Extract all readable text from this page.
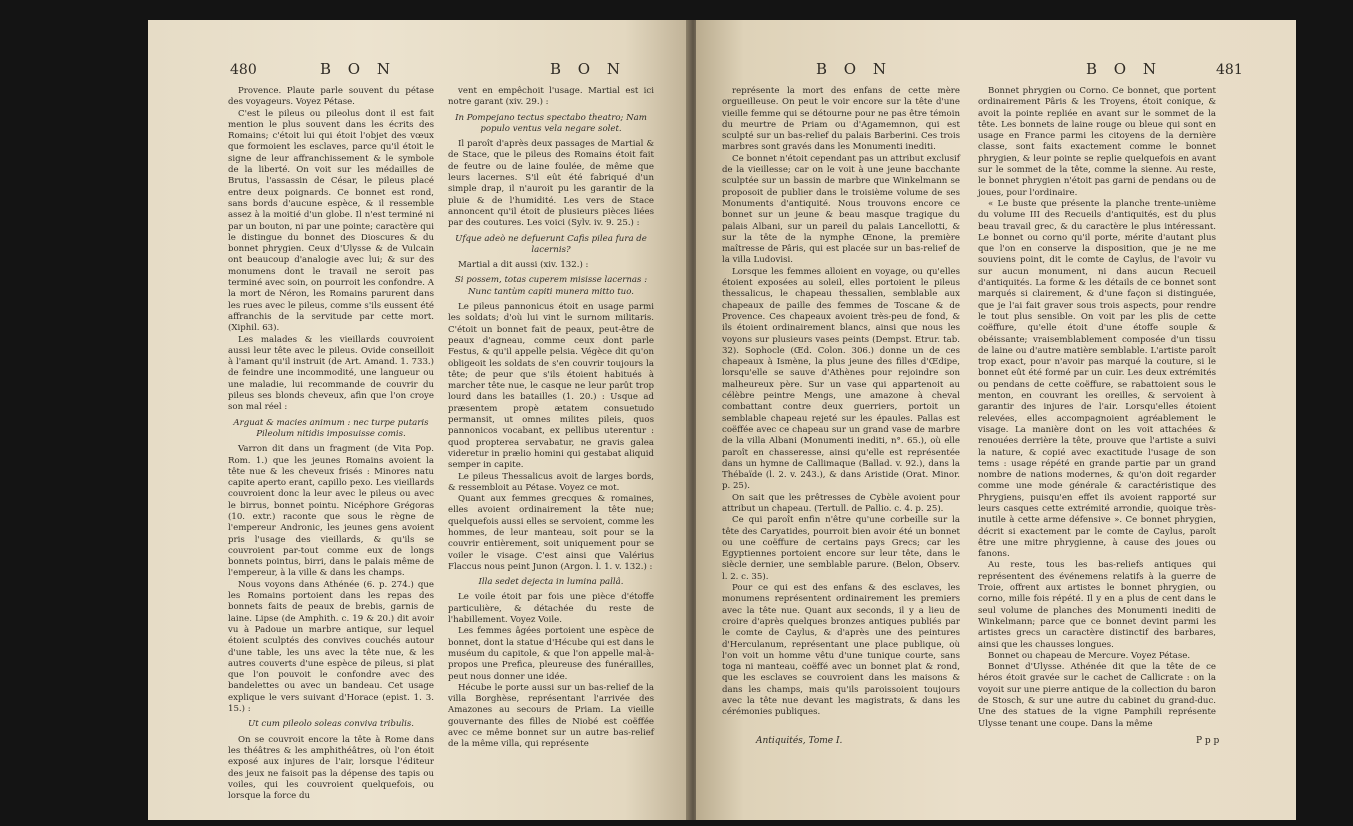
480	B O N	B O N

Provence. Plaute parle souvent du pétase des voyageurs. Voyez Pétase.

C'est le pileus ou pileolus dont il est fait mention le plus souvent dans les écrits des Romains; c'étoit lui qui étoit l'objet des vœux que formoient les esclaves, parce qu'il étoit le signe de leur affranchissement & le symbole de la liberté. On voit sur les médailles de Brutus, l'assassin de César, le pileus placé entre deux poignards. Ce bonnet est rond, sans bords d'aucune espèce, & il ressemble assez à la moitié d'un globe. Il n'est terminé ni par un bouton, ni par une pointe; caractère qui le distingue du bonnet des Dioscures & du bonnet phrygien. Ceux d'Ulysse & de Vulcain ont beaucoup d'analogie avec lui; & sur des monumens dont le travail ne seroit pas terminé avec soin, on pourroit les confondre. A la mort de Néron, les Romains parurent dans les rues avec le pileus, comme s'ils eussent été affranchis de la servitude par cette mort. (Xiphil. 63).

Les malades & les vieillards couvroient aussi leur tête avec le pileus. Ovide conseilloit à l'amant qu'il instruit (de Art. Amand. 1. 733.) de feindre une incommodité, une langueur ou une maladie, lui recommande de couvrir du pileus ses blonds cheveux, afin que l'on croye son mal réel :

Arguat & macies animum : nec turpe putaris Pileolum nitidis imposuisse comis.

Varron dit dans un fragment (de Vita Pop. Rom. 1.) que les jeunes Romains avoient la tête nue & les cheveux frisés : Minores natu capite aperto erant, capillo pexo. Les vieillards couvroient donc la leur avec le pileus ou avec le birrus, bonnet pointu. Nicéphore Grégoras (10. extr.) raconte que sous le règne de l'empereur Andronic, les jeunes gens avoient pris l'usage des vieillards, & qu'ils se couvroient par-tout comme eux de longs bonnets pointus, birri, dans le palais même de l'empereur, à la ville & dans les champs.

Nous voyons dans Athénée (6. p. 274.) que les Romains portoient dans les repas des bonnets faits de peaux de brebis, garnis de laine. Lipse (de Amphith. c. 19 & 20.) dit avoir vu à Padoue un marbre antique, sur lequel étoient sculptés des convives couchés autour d'une table, les uns avec la tête nue, & les autres couverts d'une espèce de pileus, si plat que l'on pouvoit le confondre avec des bandelettes ou avec un bandeau. Cet usage explique le vers suivant d'Horace (epist. 1. 3. 15.) :

Ut cum pileolo soleas conviva tribulis.

On se couvroit encore la tête à Rome dans les théâtres & les amphithéâtres, où l'on étoit exposé aux injures de l'air, lorsque l'éditeur des jeux ne faisoit pas la dépense des tapis ou voiles, qui les couvroient quelquefois, ou lorsque la force du

vent en empêchoit l'usage. Martial est ici notre garant (xiv. 29.) :

In Pompejano tectus spectabo theatro; Nam populo ventus vela negare solet.

Il paroît d'après deux passages de Martial & de Stace, que le pileus des Romains étoit fait de feutre ou de laine foulée, de même que leurs lacernes. S'il eût été fabriqué d'un simple drap, il n'auroit pu les garantir de la pluie & de l'humidité. Les vers de Stace annoncent qu'il étoit de plusieurs pièces liées par des coutures. Les voici (Sylv. iv. 9. 25.) :

Ufque adeò ne defuerunt Cafis pilea fura de lacernis?

Martial a dit aussi (xiv. 132.) :

Si possem, totas cuperem misisse lacernas : Nunc tantùm capiti munera mitto tuo.

Le pileus pannonicus étoit en usage parmi les soldats; d'où lui vint le surnom militaris. C'étoit un bonnet fait de peaux, peut-être de peaux d'agneau, comme ceux dont parle Festus, & qu'il appelle pelsia. Végèce dit qu'on obligeoit les soldats de s'en couvrir toujours la tête; de peur que s'ils étoient habitués à marcher tête nue, le casque ne leur parût trop lourd dans les batailles (1. 20.) : Usque ad præsentem propè ætatem consuetudo permansit, ut omnes milites pileis, quos pannonicos vocabant, ex pellibus uterentur : quod propterea servabatur, ne gravis galea videretur in prælio homini qui gestabat aliquid semper in capite.

Le pileus Thessalicus avoit de larges bords, & ressembloit au Pétase. Voyez ce mot.

Quant aux femmes grecques & romaines, elles avoient ordinairement la tête nue; quelquefois aussi elles se servoient, comme les hommes, de leur manteau, soit pour se la couvrir entièrement, soit uniquement pour se voiler le visage. C'est ainsi que Valérius Flaccus nous peint Junon (Argon. l. 1. v. 132.) :

Illa sedet dejecta in lumina pallâ.

Le voile étoit par fois une pièce d'étoffe particulière, & détachée du reste de l'habillement. Voyez Voile.

Les femmes âgées portoient une espèce de bonnet, dont la statue d'Hécube qui est dans le muséum du capitole, & que l'on appelle mal-à-propos une Prefica, pleureuse des funérailles, peut nous donner une idée.

Hécube le porte aussi sur un bas-relief de la villa Borghèse, représentant l'arrivée des Amazones au secours de Priam. La vieille gouvernante des filles de Niobé est coëffée avec ce même bonnet sur un autre bas-relief de la même villa, qui représente

B O N	B O N	481

représente la mort des enfans de cette mère orgueilleuse. On peut le voir encore sur la tête d'une vieille femme qui se détourne pour ne pas être témoin du meurtre de Priam ou d'Agamemnon, qui est sculpté sur un bas-relief du palais Barberini. Ces trois marbres sont gravés dans les Monumenti inediti.

Ce bonnet n'étoit cependant pas un attribut exclusif de la vieillesse; car on le voit à une jeune bacchante sculptée sur un bassin de marbre que Winkelmann se proposoit de publier dans le troisième volume de ses Monuments d'antiquité. Nous trouvons encore ce bonnet sur un jeune & beau masque tragique du palais Albani, sur un pareil du palais Lancellotti, & sur la tête de la nymphe Œnone, la première maîtresse de Pâris, qui est placée sur un bas-relief de la villa Ludovisi.

Lorsque les femmes alloient en voyage, ou qu'elles étoient exposées au soleil, elles portoient le pileus thessalicus, le chapeau thessalien, semblable aux chapeaux de paille des femmes de Toscane & de Provence. Ces chapeaux avoient très-peu de fond, & ils étoient ordinairement blancs, ainsi que nous les voyons sur plusieurs vases peints (Dempst. Etrur. tab. 32). Sophocle (Œd. Colon. 306.) donne un de ces chapeaux à Ismène, la plus jeune des filles d'Œdipe, lorsqu'elle se sauve d'Athènes pour rejoindre son malheureux père. Sur un vase qui appartenoit au célèbre peintre Mengs, une amazone à cheval combattant contre deux guerriers, portoit un semblable chapeau rejeté sur les épaules. Pallas est coëffée avec ce chapeau sur un grand vase de marbre de la villa Albani (Monumenti inediti, n°. 65.), où elle paroît en chasseresse, ainsi qu'elle est représentée dans un hymne de Callimaque (Ballad. v. 92.), dans la Thébaïde (l. 2. v. 243.), & dans Aristide (Orat. Minor. p. 25).

On sait que les prêtresses de Cybèle avoient pour attribut un chapeau. (Tertull. de Pallio. c. 4. p. 25).

Ce qui paroît enfin n'être qu'une corbeille sur la tête des Caryatides, pourroit bien avoir été un bonnet ou une coëffure de certains pays Grecs; car les Egyptiennes portoient encore sur leur tête, dans le siècle dernier, une semblable parure. (Belon, Observ. l. 2. c. 35).

Pour ce qui est des enfans & des esclaves, les monumens représentent ordinairement les premiers avec la tête nue. Quant aux seconds, il y a lieu de croire d'après quelques bronzes antiques publiés par le comte de Caylus, & d'après une des peintures d'Herculanum, représentant une place publique, où l'on voit un homme vêtu d'une tunique courte, sans toga ni manteau, coëffé avec un bonnet plat & rond, que les esclaves se couvroient dans les maisons & dans les champs, mais qu'ils paroissoient toujours avec la tête nue devant les magistrats, & dans les cérémonies publiques.

Bonnet phrygien ou Corno. Ce bonnet, que portent ordinairement Pâris & les Troyens, étoit conique, & avoit la pointe repliée en avant sur le sommet de la tête. Les bonnets de laine rouge ou bleue qui sont en usage en France parmi les citoyens de la dernière classe, sont faits exactement comme le bonnet phrygien, & leur pointe se replie quelquefois en avant sur le sommet de la tête, comme la sienne. Au reste, le bonnet phrygien n'étoit pas garni de pendans ou de joues, pour l'ordinaire.

« Le buste que présente la planche trente-unième du volume III des Recueils d'antiquités, est du plus beau travail grec, & du caractère le plus intéressant. Le bonnet ou corno qu'il porte, mérite d'autant plus que l'on en conserve la disposition, que je ne me souviens point, dit le comte de Caylus, de l'avoir vu sur aucun monument, ni dans aucun Recueil d'antiquités. La forme & les détails de ce bonnet sont marqués si clairement, & d'une façon si distinguée, que je l'ai fait graver sous trois aspects, pour rendre le tout plus sensible. On voit par les plis de cette coëffure, qu'elle étoit d'une étoffe souple & obéissante; vraisemblablement composée d'un tissu de laine ou d'autre matière semblable. L'artiste paroît trop exact, pour n'avoir pas marqué la couture, si le bonnet eût été formé par un cuir. Les deux extrémités ou pendans de cette coëffure, se rabattoient sous le menton, en couvrant les oreilles, & servoient à garantir des injures de l'air. Lorsqu'elles étoient relevées, elles accompagnoient agréablement le visage. La manière dont on les voit attachées & renouées derrière la tête, prouve que l'artiste a suivi la nature, & copié avec exactitude l'usage de son tems : usage répété en grande partie par un grand nombre de nations modernes, & qu'on doit regarder comme une mode générale & caractéristique des Phrygiens, puisqu'en effet ils avoient rapporté sur leurs casques cette extrémité arrondie, quoique très-inutile à cette arme défensive ». Ce bonnet phrygien, décrit si exactement par le comte de Caylus, paroît être une mitre phrygienne, à cause des joues ou fanons.

Au reste, tous les bas-reliefs antiques qui représentent des événemens relatifs à la guerre de Troie, offrent aux artistes le bonnet phrygien, ou corno, mille fois répété. Il y en a plus de cent dans le seul volume de planches des Monumenti inediti de Winkelmann; parce que ce bonnet devint parmi les artistes grecs un caractère distinctif des barbares, ainsi que les chausses longues.

Bonnet ou chapeau de Mercure. Voyez Pétase.

Bonnet d'Ulysse. Athénée dit que la tête de ce héros étoit gravée sur le cachet de Callicrate : on la voyoit sur une pierre antique de la collection du baron de Stosch, & sur une autre du cabinet du grand-duc. Une des statues de la vigne Pamphili représente Ulysse tenant une coupe. Dans la même

Antiquités, Tome I.	P p p
